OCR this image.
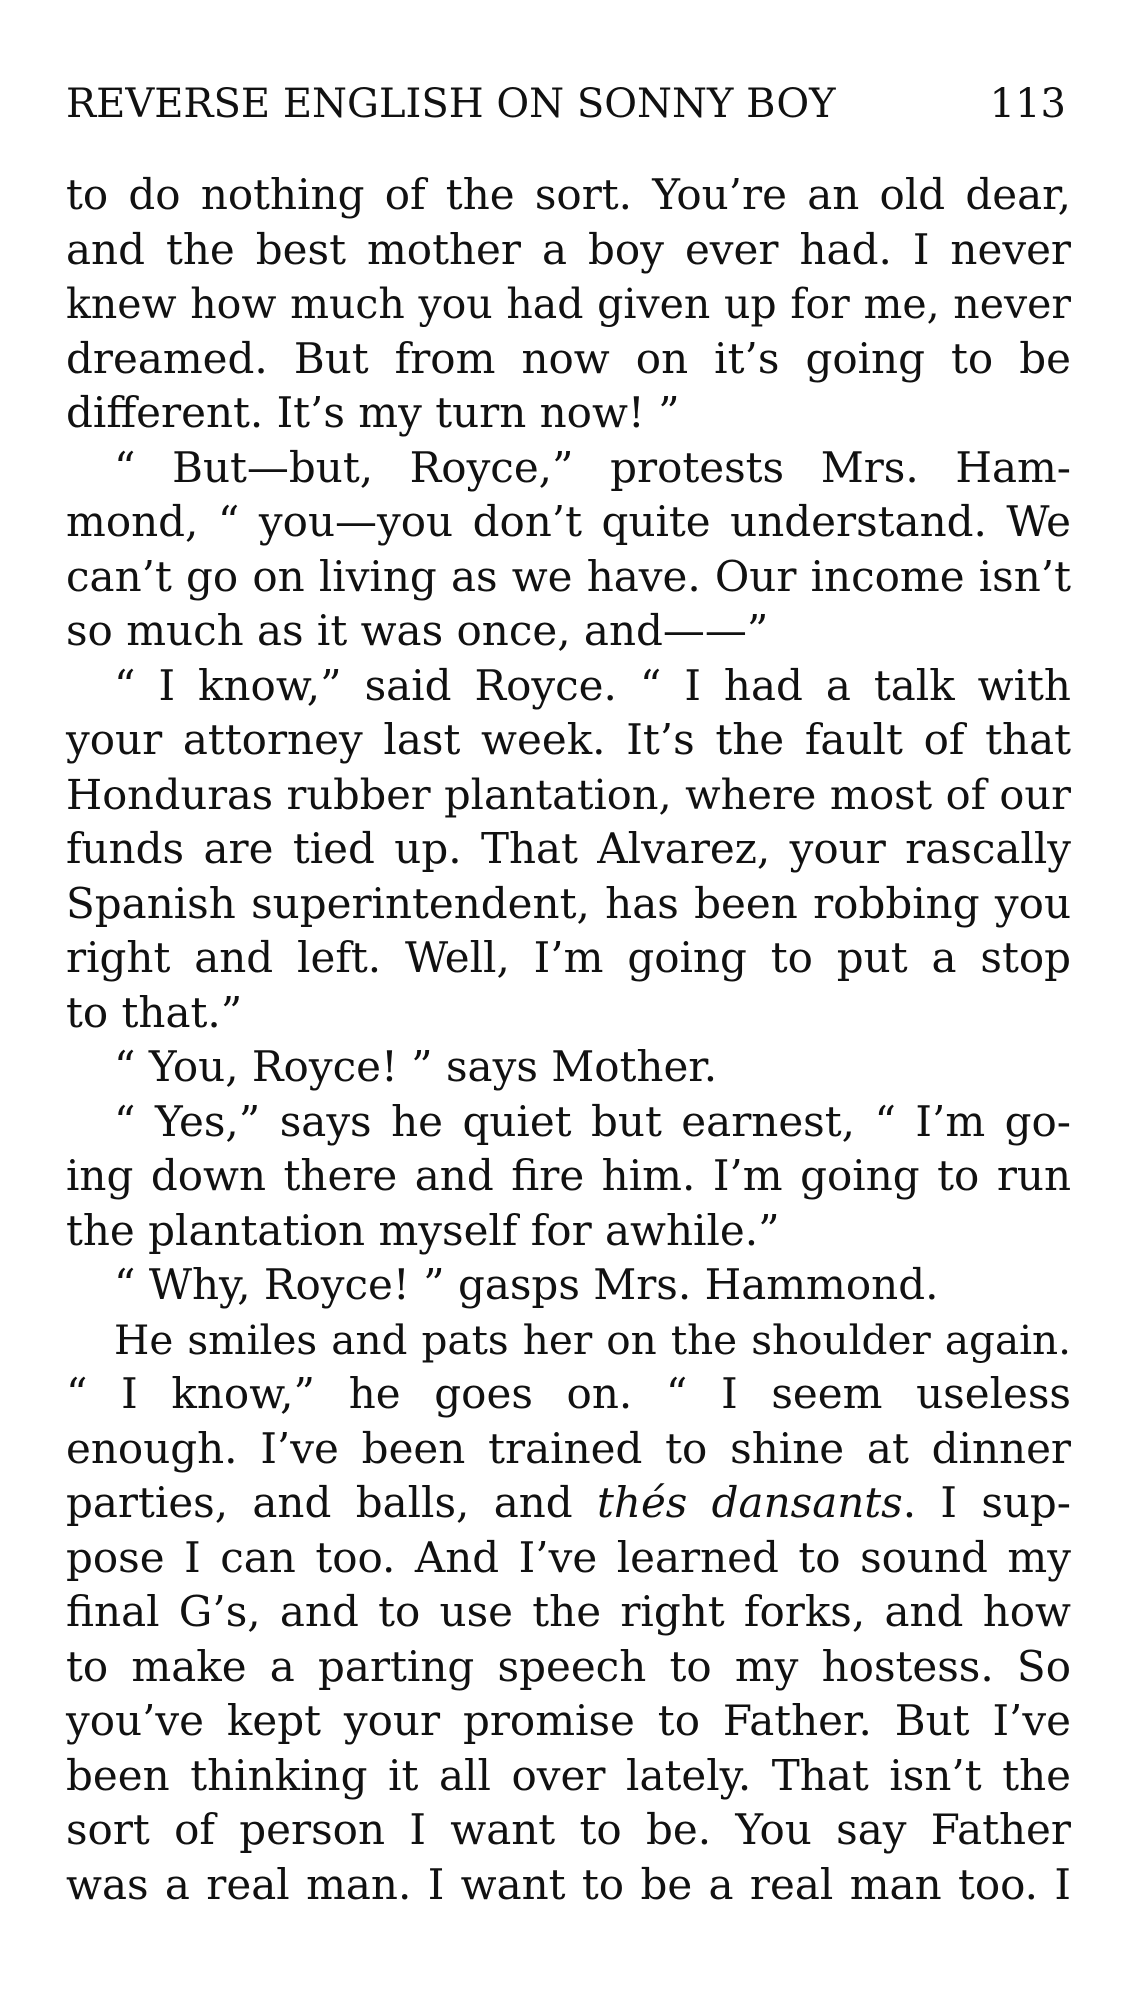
REVERSE ENGLISH ON SONNY BOY	113
to do nothing of the sort. You’re an old dear,
and the best mother a boy ever had. I never
knew how much you had given up for me, never
dreamed. But from now on it’s going to be
different. It’s my turn now! ”
“ But—but, Royce,” protests Mrs. Ham-
mond, “ you—you don’t quite understand. We
can’t go on living as we have. Our income isn’t
so much as it was once, and——”
“ I know,” said Royce. “ I had a talk with
your attorney last week. It’s the fault of that
Honduras rubber plantation, where most of our
funds are tied up. That Alvarez, your rascally
Spanish superintendent, has been robbing you
right and left. Well, I’m going to put a stop
to that.”
“ You, Royce! ” says Mother.
“ Yes,” says he quiet but earnest, “ I’m go-
ing down there and fire him. I’m going to run
the plantation myself for awhile.”
“ Why, Royce! ” gasps Mrs. Hammond.
He smiles and pats her on the shoulder again.
“ I know,” he goes on. “ I seem useless
enough. I’ve been trained to shine at dinner
parties, and balls, and thés dansants. I sup-
pose I can too. And I’ve learned to sound my
final G’s, and to use the right forks, and how
to make a parting speech to my hostess. So
you’ve kept your promise to Father. But I’ve
been thinking it all over lately. That isn’t the
sort of person I want to be. You say Father
was a real man. I want to be a real man too. I
